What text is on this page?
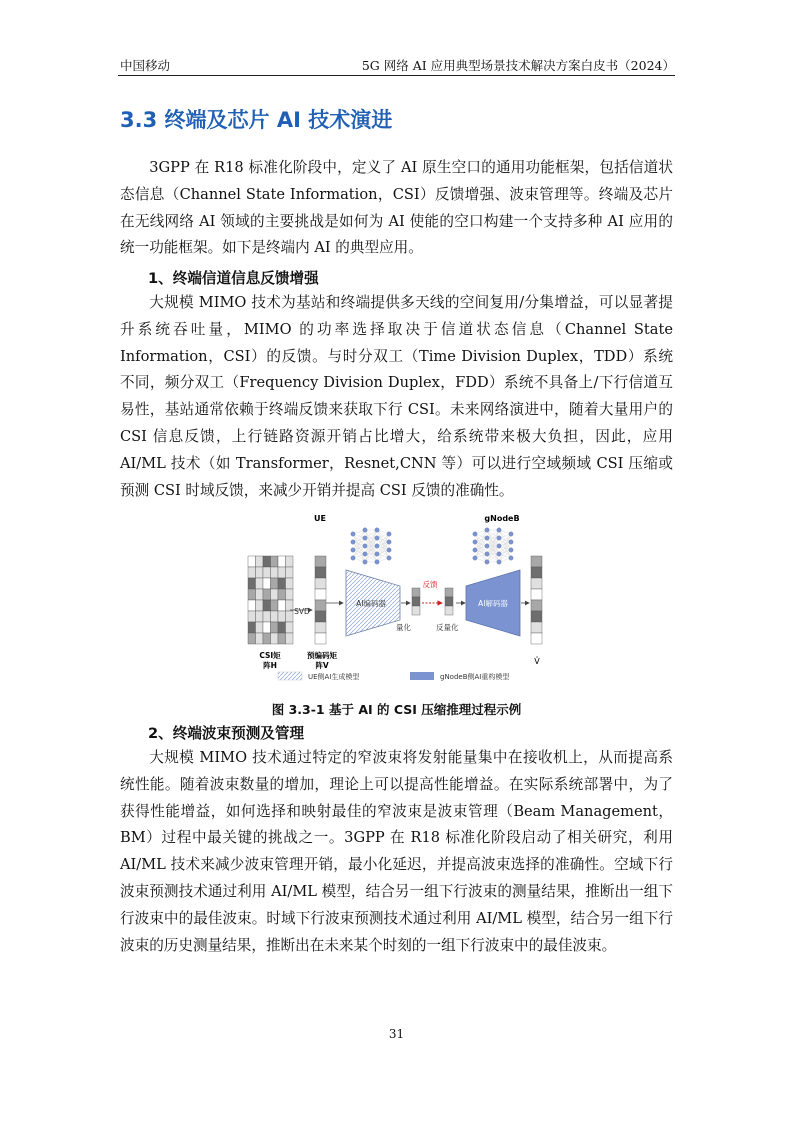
中国移动	5G 网络 AI 应用典型场景技术解决方案白皮书（2024）
3.3 终端及芯片 AI 技术演进

3GPP 在 R18 标准化阶段中，定义了 AI 原生空口的通用功能框架，包括信道状态信息（Channel State Information，CSI）反馈增强、波束管理等。终端及芯片在无线网络 AI 领域的主要挑战是如何为 AI 使能的空口构建一个支持多种 AI 应用的统一功能框架。如下是终端内 AI 的典型应用。

1、终端信道信息反馈增强

大规模 MIMO 技术为基站和终端提供多天线的空间复用/分集增益，可以显著提升系统吞吐量，MIMO 的功率选择取决于信道状态信息（Channel State Information，CSI）的反馈。与时分双工（Time Division Duplex，TDD）系统不同，频分双工（Frequency Division Duplex，FDD）系统不具备上/下行信道互易性，基站通常依赖于终端反馈来获取下行 CSI。未来网络演进中，随着大量用户的 CSI 信息反馈，上行链路资源开销占比增大，给系统带来极大负担，因此，应用 AI/ML 技术（如 Transformer，Resnet,CNN 等）可以进行空域频域 CSI 压缩或预测 CSI 时域反馈，来减少开销并提高 CSI 反馈的准确性。

UE	gNodeB
SVD
AI编码器
量化
反馈
反量化
AI解码器
V̂
CSI矩
阵H
预编码矩
阵V
UE侧AI生成模型	gNodeB侧AI重构模型
图 3.3-1 基于 AI 的 CSI 压缩推理过程示例
2、终端波束预测及管理

大规模 MIMO 技术通过特定的窄波束将发射能量集中在接收机上，从而提高系统性能。随着波束数量的增加，理论上可以提高性能增益。在实际系统部署中，为了获得性能增益，如何选择和映射最佳的窄波束是波束管理（Beam Management，BM）过程中最关键的挑战之一。3GPP 在 R18 标准化阶段启动了相关研究，利用 AI/ML 技术来减少波束管理开销，最小化延迟，并提高波束选择的准确性。空域下行波束预测技术通过利用 AI/ML 模型，结合另一组下行波束的测量结果，推断出一组下行波束中的最佳波束。时域下行波束预测技术通过利用 AI/ML 模型，结合另一组下行波束的历史测量结果，推断出在未来某个时刻的一组下行波束中的最佳波束。

31
